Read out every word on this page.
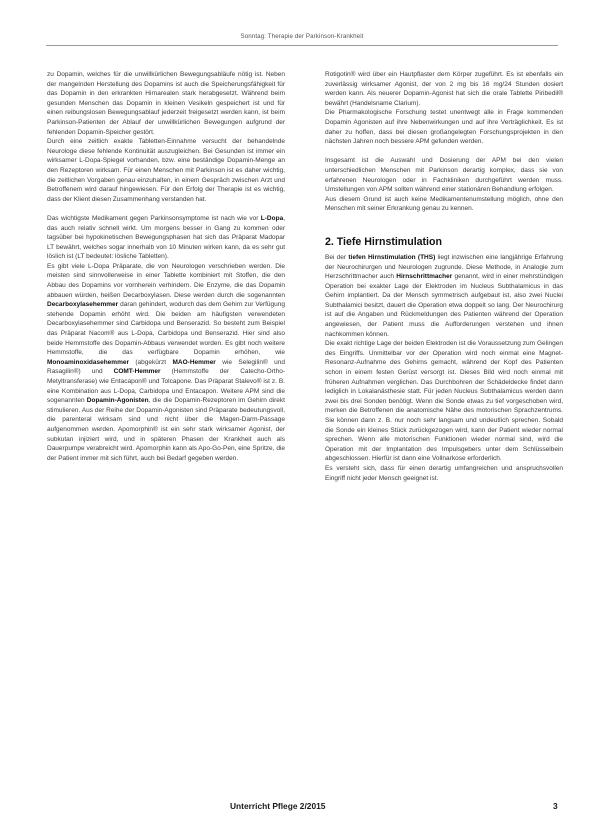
Sonntag: Therapie der Parkinson-Krankheit

zu Dopamin, welches für die unwillkürlichen Bewegungsabläufe nötig ist. Neben der mangelnden Herstellung des Dopamins ist auch die Speicherungsfähigkeit für das Dopamin in den erkrankten Hirnarealen stark herabgesetzt. Während beim gesunden Menschen das Dopamin in kleinen Vesikeln gespeichert ist und für einen reibungslosen Bewegungsablauf jederzeit freigesetzt werden kann, ist beim Parkinson-Patienten der Ablauf der unwillkürlichen Bewegungen aufgrund der fehlenden Dopamin-Speicher gestört.

Durch eine zeitlich exakte Tabletten-Einnahme versucht der behandelnde Neurologe diese fehlende Kontinuität auszugleichen. Bei Gesunden ist immer ein wirksamer L-Dopa-Spiegel vorhanden, bzw. eine beständige Dopamin-Menge an den Rezeptoren wirksam. Für einen Menschen mit Parkinson ist es daher wichtig, die zeitlichen Vorgaben genau einzuhalten, in einem Gespräch zwischen Arzt und Betroffenem wird darauf hingewiesen. Für den Erfolg der Therapie ist es wichtig, dass der Klient diesen Zusammenhang verstanden hat.

Das wichtigste Medikament gegen Parkinsonsymptome ist nach wie vor L-Dopa, das auch relativ schnell wirkt. Um morgens besser in Gang zu kommen oder tagsüber bei hypokinetischen Bewegungsphasen hat sich das Präparat Madopar LT bewährt, welches sogar innerhalb von 10 Minuten wirken kann, da es sehr gut löslich ist (LT bedeutet: lösliche Tabletten).

Es gibt viele L-Dopa Präparate, die von Neurologen verschrieben werden. Die meisten sind sinnvollerweise in einer Tablette kombiniert mit Stoffen, die den Abbau des Dopamins vor vornherein verhindern. Die Enzyme, die das Dopamin abbauen würden, heißen Decarboxylasen. Diese werden durch die sogenannten Decarboxylasehemmer daran gehindert, wodurch das dem Gehirn zur Verfügung stehende Dopamin erhöht wird. Die beiden am häufigsten verwendeten Decarboxylasehemmer sind Carbidopa und Benserazid. So besteht zum Beispiel das Präparat Nacom® aus L-Dopa, Carbidopa und Benserazid. Hier sind also beide Hemmstoffe des Dopamin-Abbaus verwendet worden. Es gibt noch weitere Hemmstoffe, die das verfügbare Dopamin erhöhen, wie Monoaminoxidasehemmer (abgekürzt MAO-Hemmer wie Selegilin® und Rasagilin®) und COMT-Hemmer (Hemmstoffe der Catecho-Ortho-Metyltransferase) wie Entacapon® und Tolcapone. Das Präparat Stalevo® ist z. B. eine Kombination aus L-Dopa, Carbidopa und Entacapon. Weitere APM sind die sogenannten Dopamin-Agonisten, die die Dopamin-Rezeptoren im Gehirn direkt stimulieren. Aus der Reihe der Dopamin-Agonisten sind Präparate bedeutungsvoll, die parenteral wirksam sind und nicht über die Magen-Darm-Passage aufgenommen werden. Apomorphin® ist ein sehr stark wirksamer Agonist, der subkutan injiziert wird, und in späteren Phasen der Krankheit auch als Dauerpumpe verabreicht wird. Apomorphin kann als Apo-Go-Pen, eine Spritze, die der Patient immer mit sich führt, auch bei Bedarf gegeben werden.

Rotigotin® wird über ein Hautpflaster dem Körper zugeführt. Es ist ebenfalls ein zuverlässig wirksamer Agonist, der von 2 mg bis 16 mg/24 Stunden dosiert werden kann. Als neuerer Dopamin-Agonist hat sich die orale Tablette Piribedil® bewährt (Handelsname Clarium).

Die Pharmakologische Forschung testet unentwegt alle in Frage kommenden Dopamin Agonisten auf ihre Nebenwirkungen und auf ihre Verträglichkeit. Es ist daher zu hoffen, dass bei diesen großangelegten Forschungsprojekten in den nächsten Jahren noch bessere APM gefunden werden.

Insgesamt ist die Auswahl und Dosierung der APM bei den vielen unterschiedlichen Menschen mit Parkinson derartig komplex, dass sie von erfahrenen Neurologen oder in Fachkliniken durchgeführt werden muss. Umstellungen von APM sollten während einer stationären Behandlung erfolgen.

Aus diesem Grund ist auch keine Medikamentenumstellung möglich, ohne den Menschen mit seiner Erkrankung genau zu kennen.

2. Tiefe Hirnstimulation

Bei der tiefen Hirnstimulation (THS) liegt inzwischen eine langjährige Erfahrung der Neurochirurgen und Neurologen zugrunde. Diese Methode, in Analogie zum Herzschrittmacher auch Hirnschrittmacher genannt, wird in einer mehrstündigen Operation bei exakter Lage der Elektroden im Nucleus Subthalamicus in das Gehirn implantiert. Da der Mensch symmetrisch aufgebaut ist, also zwei Nuclei Subthalamici besitzt, dauert die Operation etwa doppelt so lang. Der Neurochirurg ist auf die Angaben und Rückmeldungen des Patienten während der Operation angewiesen, der Patient muss die Aufforderungen verstehen und ihnen nachkommen können.

Die exakt richtige Lage der beiden Elektroden ist die Voraussetzung zum Gelingen des Eingriffs. Unmittelbar vor der Operation wird noch einmal eine Magnet-Resonanz-Aufnahme des Gehirns gemacht, während der Kopf des Patienten schon in einem festen Gerüst versorgt ist. Dieses Bild wird noch einmal mit früheren Aufnahmen verglichen. Das Durchbohren der Schädeldecke findet dann lediglich in Lokalanästhesie statt. Für jeden Nucleus Subthalamicus werden dann zwei bis drei Sonden benötigt. Wenn die Sonde etwas zu tief vorgeschoben wird, merken die Betroffenen die anatomische Nähe des motorischen Sprachzentrums. Sie können dann z. B. nur noch sehr langsam und undeutlich sprechen. Sobald die Sonde ein kleines Stück zurückgezogen wird, kann der Patient wieder normal sprechen. Wenn alle motorischen Funktionen wieder normal sind, wird die Operation mit der Implantation des Impulsgebers unter dem Schlüsselbein abgeschlossen. Hierfür ist dann eine Vollnarkose erforderlich.

Es versteht sich, dass für einen derartig umfangreichen und anspruchsvollen Eingriff nicht jeder Mensch geeignet ist.

Unterricht Pflege 2/2015	3
